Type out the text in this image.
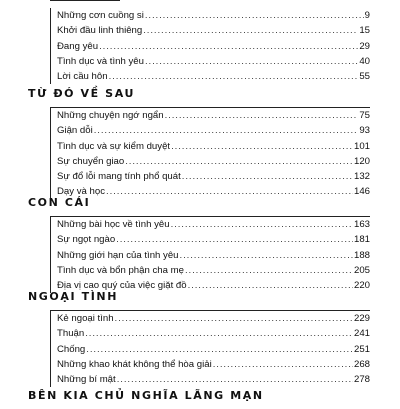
Những cơn cuồng si .....	9
Khởi đầu linh thiêng .....	15
Đang yêu .....	29
Tình dục và tình yêu .....	40
Lời cầu hôn .....	55
TỪ ĐÓ VỀ SAU
Những chuyện ngớ ngẩn .....	75
Giận dỗi .....	93
Tình dục và sự kiểm duyệt .....	101
Sự chuyển giao .....	120
Sự đổ lỗi mang tính phổ quát .....	132
Dạy và học .....	146
CON CÁI
Những bài học về tình yêu .....	163
Sự ngọt ngào .....	181
Những giới hạn của tình yêu .....	188
Tình dục và bổn phận cha mẹ .....	205
Địa vị cao quý của việc giặt đồ .....	220
NGOẠI TÌNH
Kẻ ngoại tình .....	229
Thuận .....	241
Chống .....	251
Những khao khát không thể hòa giải .....	268
Những bí mật .....	278
BÊN KIA CHỦ NGHĨA LÃNG MẠN
